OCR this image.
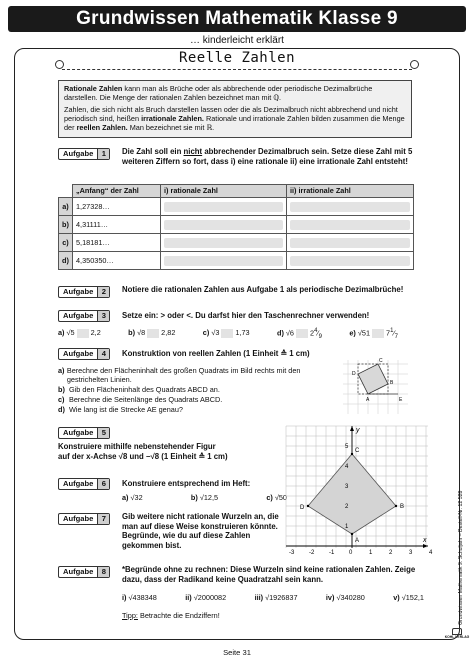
Grundwissen Mathematik Klasse 9
… kinderleicht erklärt
Reelle Zahlen

Rationale Zahlen kann man als Brüche oder als abbrechende oder periodische Dezimalbrüche darstellen. Die Menge der rationalen Zahlen bezeichnet man mit ℚ.

Zahlen, die sich nicht als Bruch darstellen lassen oder die als Dezimalbruch nicht abbrechend und nicht periodisch sind, heißen irrationale Zahlen. Rationale und irrationale Zahlen bilden zusammen die Menge der reellen Zahlen. Man bezeichnet sie mit ℝ.

Aufgabe	1	Die Zahl soll ein nicht abbrechender Dezimalbruch sein. Setze diese Zahl mit 5 weiteren Ziffern so fort, dass i) eine rationale ii) eine irrationale Zahl entsteht!
	„Anfang“ der Zahl	i) rationale Zahl	ii) irrationale Zahl
a)	1,27328…	

b)	4,31111…	

c)	5,18181…	

d)	4,350350…	

Aufgabe	2	Notiere die rationalen Zahlen aus Aufgabe 1 als periodische Dezimalbrüche!
Aufgabe	3	Setze ein: > oder <. Du darfst hier den Taschenrechner verwenden!
a) √5 2,2	b) √8 2,82	c) √3 1,73	d) √6 $2^4⁄_9$	e) √51 $7^1⁄_7$
Aufgabe	4	Konstruktion von reellen Zahlen (1 Einheit ≙ 1 cm)
a) Berechne den Flächeninhalt des großen Quadrats im Bild rechts mit den gestrichelten Linien.
b) Gib den Flächeninhalt des Quadrats ABCD an.
c) Berechne die Seitenlänge des Quadrats ABCD.
d) Wie lang ist die Strecke AE genau?
C
D
B
A	E
Aufgabe	5
Konstruiere mithilfe nebenstehender Figur
auf der x-Achse √8 und −√8 (1 Einheit ≙ 1 cm)
Aufgabe	6	Konstruiere entsprechend im Heft:
a) √32	b) √12,5	c) √50
Aufgabe	7	Gib weitere nicht rationale Wurzeln an, die man auf diese Weise konstruieren könnte. Begründe, wie du auf diese Zahlen gekommen bist.
C
D	B
A
-3 -2 -1 0	1	2	3	4
1
2
3
4
5
x
y
Aufgabe	8	*Begründe ohne zu rechnen: Diese Wurzeln sind keine rationalen Zahlen. Zeige dazu, dass der Radikand keine Quadratzahl sein kann.
i) √438348	ii) √2000082	iii) √1926837	iv) √340280	v) √152,1
Tipp: Betrachte die Endziffern!	Grundwissen Mathematik 9. Schuljahr – Bestell-Nr. 12 528
KOHL VERLAG
Seite 31
